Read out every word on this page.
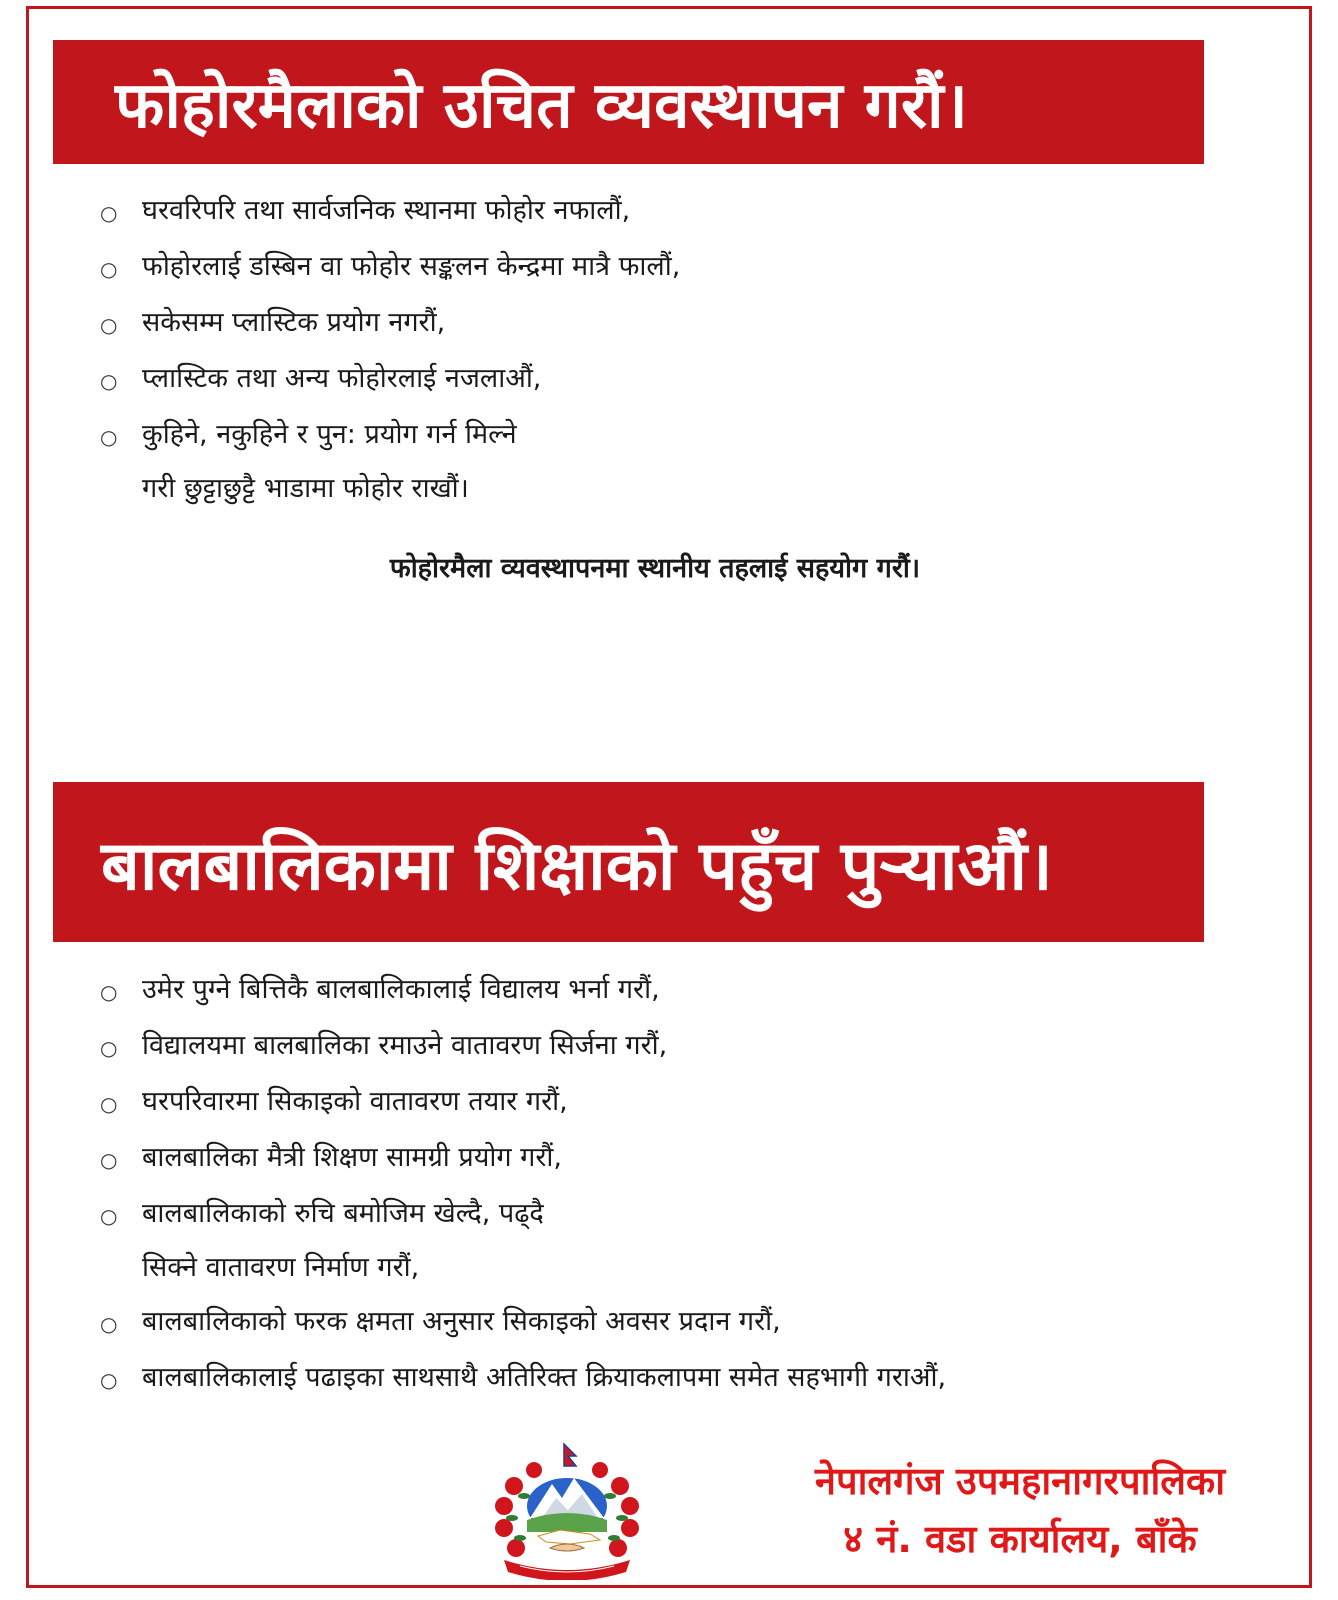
फोहोरमैलाको उचित व्यवस्थापन गरौं।
○ घरवरिपरि तथा सार्वजनिक स्थानमा फोहोर नफालौं,
○ फोहोरलाई डस्बिन वा फोहोर सङ्कलन केन्द्रमा मात्रै फालौं,
○ सकेसम्म प्लास्टिक प्रयोग नगरौं,
○ प्लास्टिक तथा अन्य फोहोरलाई नजलाऔं,
○ कुहिने, नकुहिने र पुन: प्रयोग गर्न मिल्ने
गरी छुट्टाछुट्टै भाडामा फोहोर राखौं।
फोहोरमैला व्यवस्थापनमा स्थानीय तहलाई सहयोग गरौं।
बालबालिकामा शिक्षाको पहुँच पुऱ्याऔं।
○ उमेर पुग्ने बित्तिकै बालबालिकालाई विद्यालय भर्ना गरौं,
○ विद्यालयमा बालबालिका रमाउने वातावरण सिर्जना गरौं,
○ घरपरिवारमा सिकाइको वातावरण तयार गरौं,
○ बालबालिका मैत्री शिक्षण सामग्री प्रयोग गरौं,
○ बालबालिकाको रुचि बमोजिम खेल्दै, पढ्दै
सिक्ने वातावरण निर्माण गरौं,
○ बालबालिकाको फरक क्षमता अनुसार सिकाइको अवसर प्रदान गरौं,
○ बालबालिकालाई पढाइका साथसाथै अतिरिक्त क्रियाकलापमा समेत सहभागी गराऔं,
नेपालगंज उपमहानागरपालिका
४ नं. वडा कार्यालय, बाँके
